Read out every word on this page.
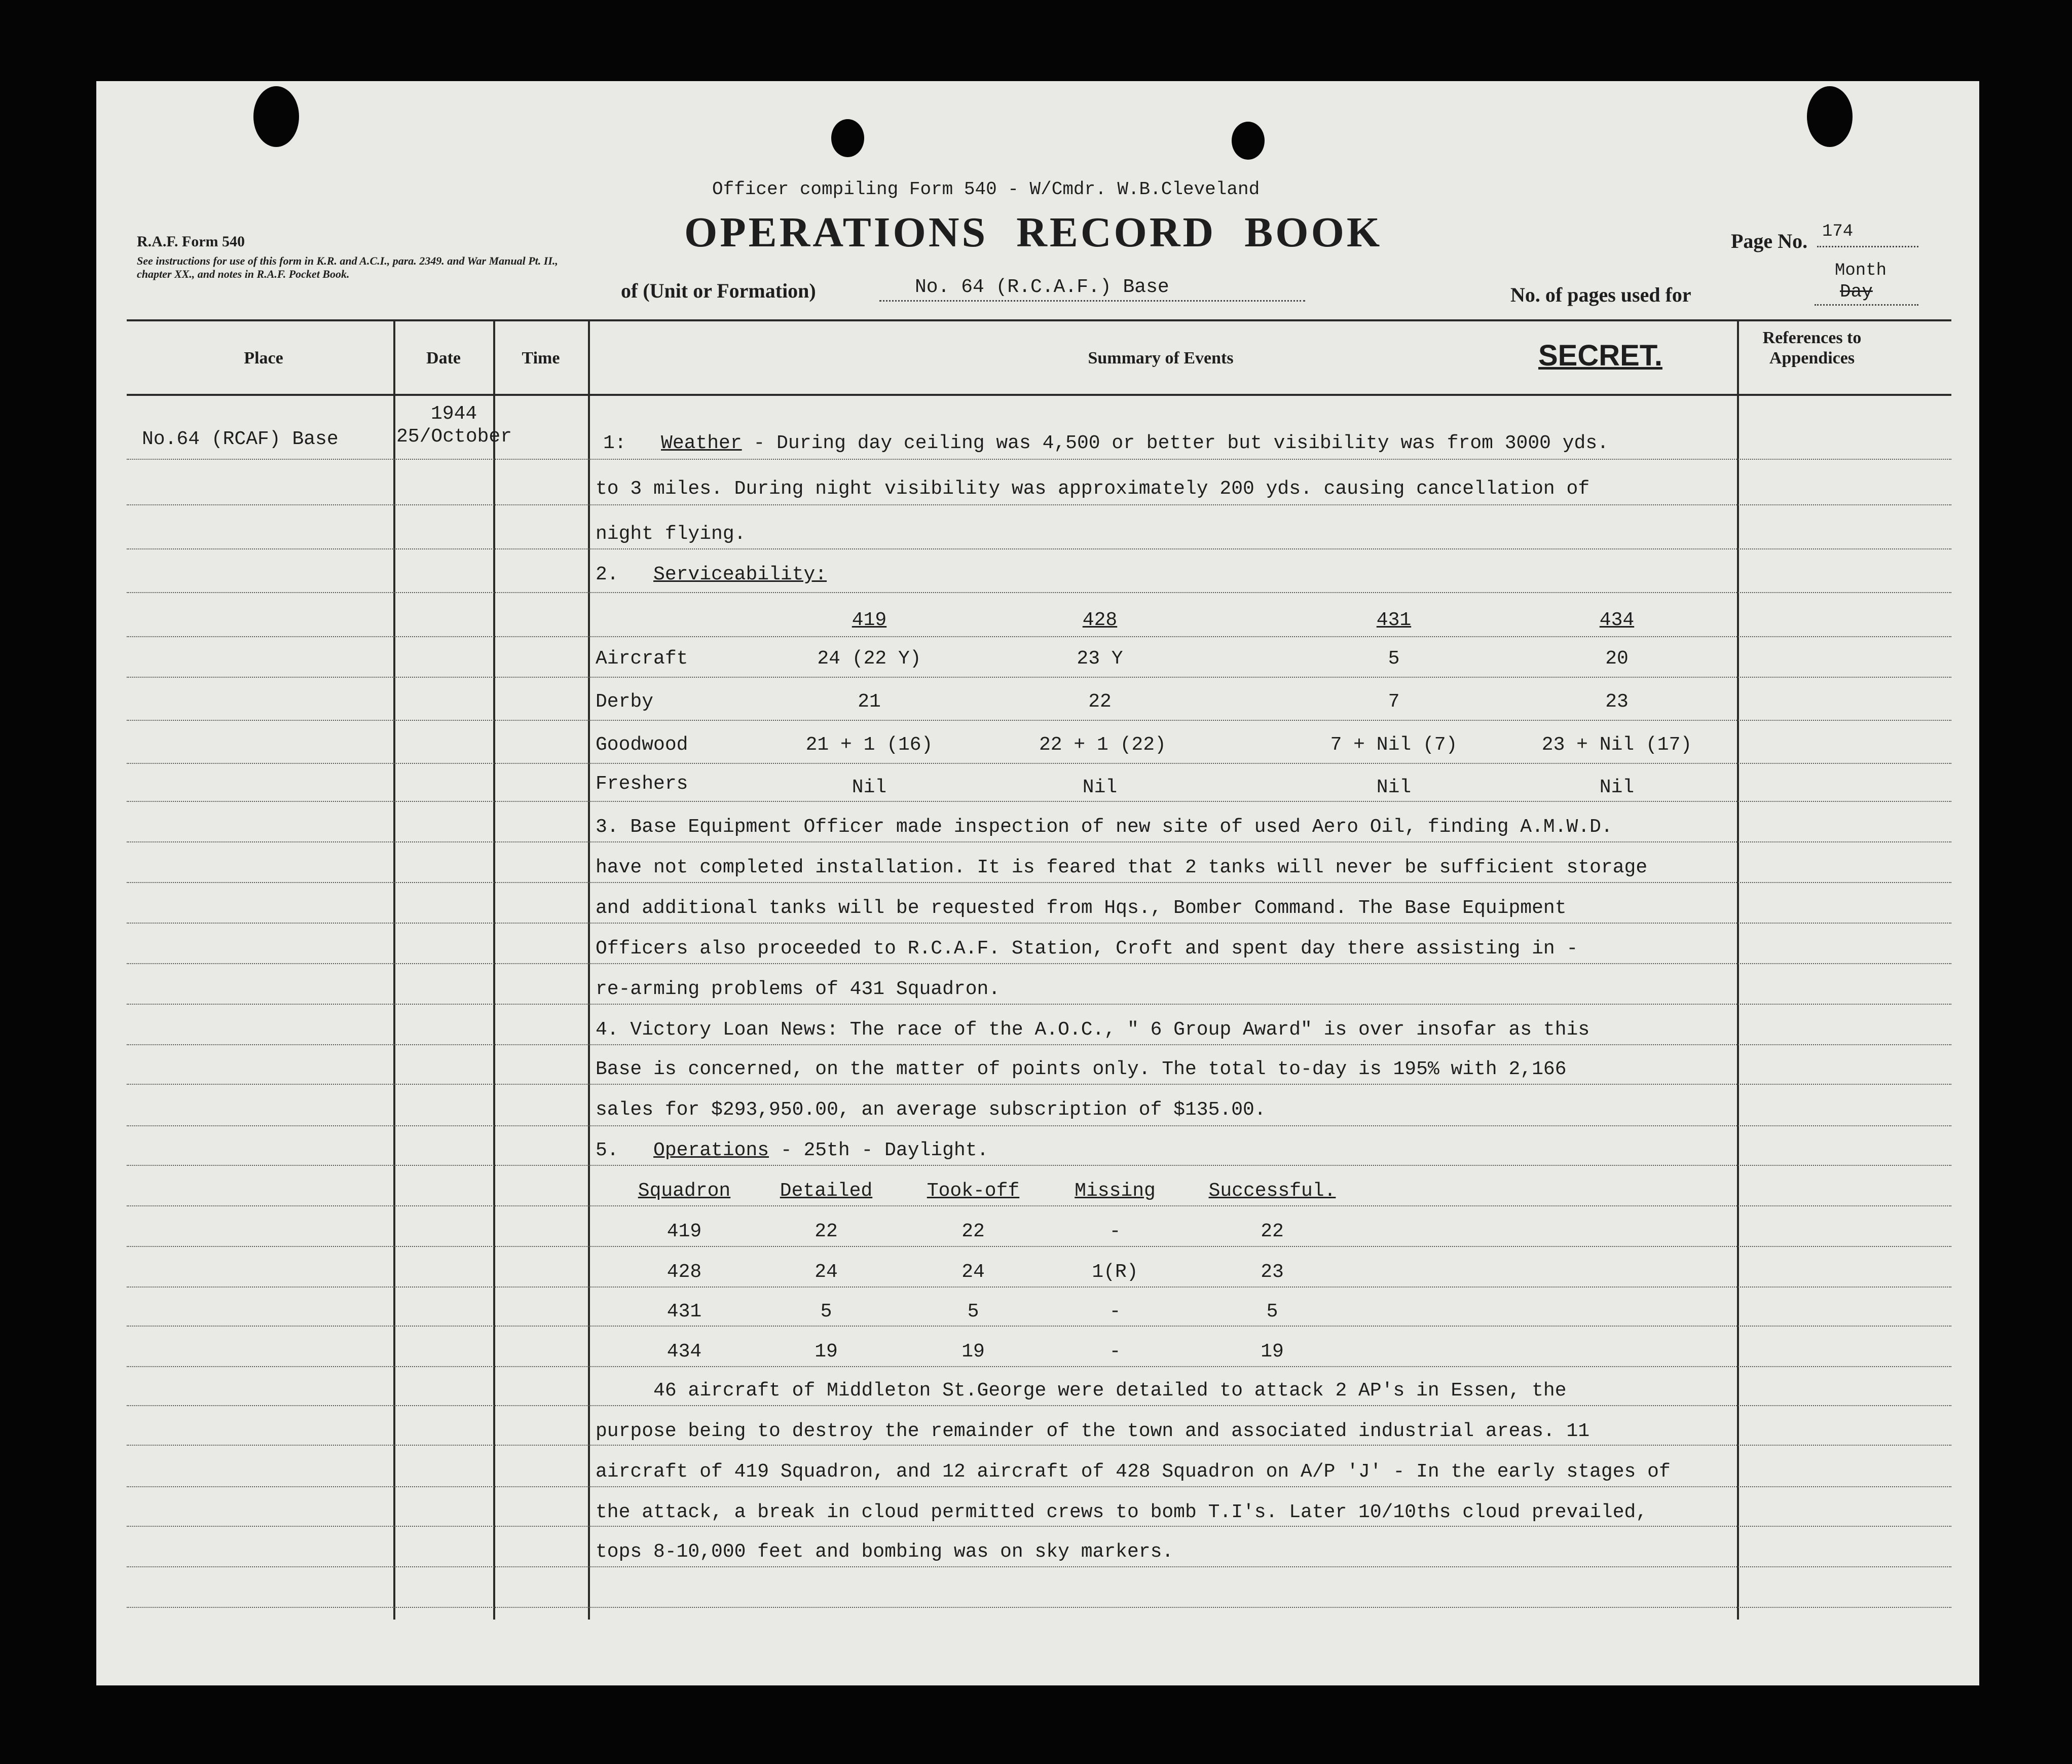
R.A.F. Form 540
See instructions for use of this form in K.R. and A.C.I., para. 2349. and War Manual Pt. II., chapter XX., and notes in R.A.F. Pocket Book.
Officer compiling Form 540 - W/Cmdr. W.B.Cleveland
OPERATIONS RECORD BOOK
of (Unit or Formation)	No. 64 (R.C.A.F.) Base
Page No. 174
Month
No. of pages used for	Day
Place	Date	Time	Summary of Events
References to Appendices
SECRET.
No.64 (RCAF) Base
1944
25/October	1: Weather - During day ceiling was 4,500 or better but visibility was from 3000 yds.
to 3 miles. During night visibility was approximately 200 yds. causing cancellation of
night flying.
2. Serviceability:
419	428	431	434
Aircraft	24 (22 Y)	23 Y	5	20
Derby	21	22	7	23
Goodwood	21 + 1 (16)	22 + 1 (22)	7 + Nil (7)	23 + Nil (17)
Freshers	Nil	Nil	Nil	Nil
3. Base Equipment Officer made inspection of new site of used Aero Oil, finding A.M.W.D.
have not completed installation. It is feared that 2 tanks will never be sufficient storage
and additional tanks will be requested from Hqs., Bomber Command. The Base Equipment
Officers also proceeded to R.C.A.F. Station, Croft and spent day there assisting in -
re-arming problems of 431 Squadron.
4. Victory Loan News: The race of the A.O.C., " 6 Group Award" is over insofar as this
Base is concerned, on the matter of points only. The total to-day is 195% with 2,166
sales for $293,950.00, an average subscription of $135.00.
5. Operations - 25th - Daylight.
Squadron	Detailed	Took-off	Missing	Successful.
419	22	22	-	22
428	24	24	1(R)	23
431	5	5	-	5
434	19	19	-	19
46 aircraft of Middleton St.George were detailed to attack 2 AP's in Essen, the
purpose being to destroy the remainder of the town and associated industrial areas. 11
aircraft of 419 Squadron, and 12 aircraft of 428 Squadron on A/P 'J' - In the early stages of
the attack, a break in cloud permitted crews to bomb T.I's. Later 10/10ths cloud prevailed,
tops 8-10,000 feet and bombing was on sky markers.
